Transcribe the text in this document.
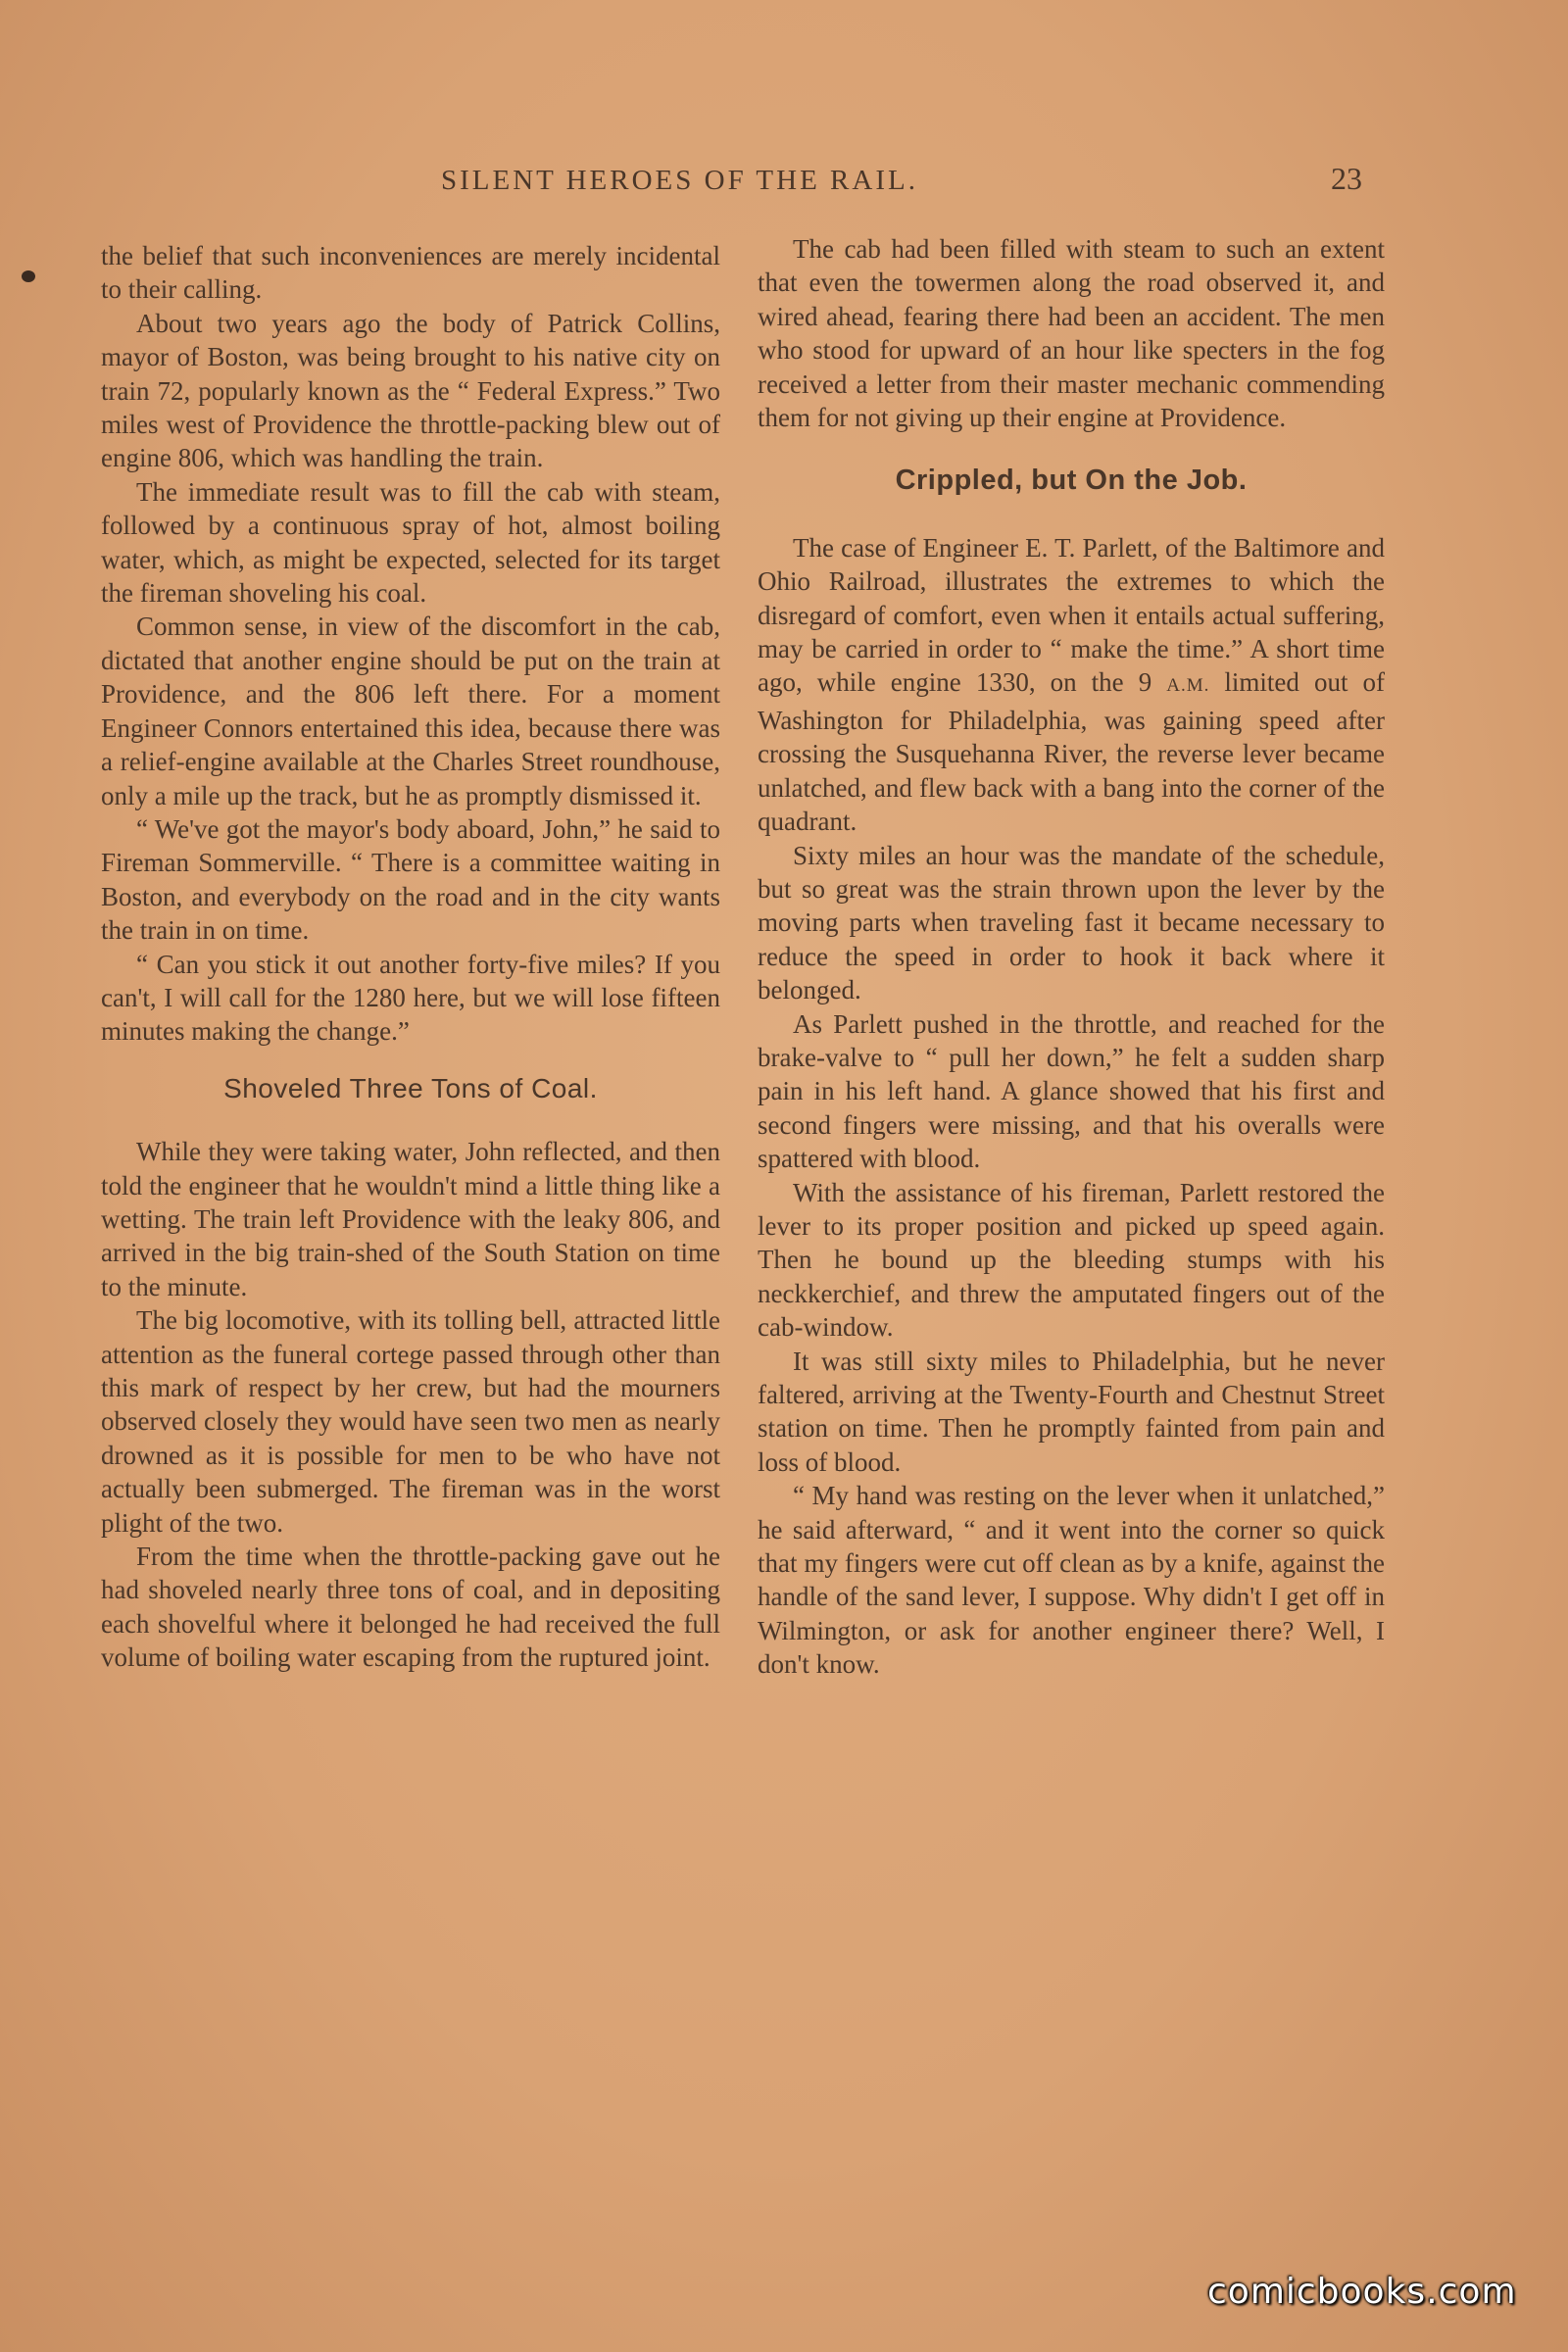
SILENT HEROES OF THE RAIL.	23

the belief that such inconveniences are merely incidental to their calling.

About two years ago the body of Patrick Collins, mayor of Boston, was being brought to his native city on train 72, popularly known as the “ Federal Express.” Two miles west of Providence the throttle-packing blew out of engine 806, which was handling the train.

The immediate result was to fill the cab with steam, followed by a continuous spray of hot, almost boiling water, which, as might be expected, selected for its target the fireman shoveling his coal.

Common sense, in view of the discomfort in the cab, dictated that another engine should be put on the train at Providence, and the 806 left there. For a moment Engineer Connors entertained this idea, because there was a relief-engine available at the Charles Street roundhouse, only a mile up the track, but he as promptly dismissed it.

“ We've got the mayor's body aboard, John,” he said to Fireman Sommerville. “ There is a committee waiting in Boston, and everybody on the road and in the city wants the train in on time.

“ Can you stick it out another forty-five miles? If you can't, I will call for the 1280 here, but we will lose fifteen minutes making the change.”

Shoveled Three Tons of Coal.

While they were taking water, John reflected, and then told the engineer that he wouldn't mind a little thing like a wetting. The train left Providence with the leaky 806, and arrived in the big train-shed of the South Station on time to the minute.

The big locomotive, with its tolling bell, attracted little attention as the funeral cortege passed through other than this mark of respect by her crew, but had the mourners observed closely they would have seen two men as nearly drowned as it is possible for men to be who have not actually been submerged. The fireman was in the worst plight of the two.

From the time when the throttle-packing gave out he had shoveled nearly three tons of coal, and in depositing each shovelful where it belonged he had received the full volume of boiling water escaping from the ruptured joint.

The cab had been filled with steam to such an extent that even the towermen along the road observed it, and wired ahead, fearing there had been an accident. The men who stood for upward of an hour like specters in the fog received a letter from their master mechanic commending them for not giving up their engine at Providence.

Crippled, but On the Job.

The case of Engineer E. T. Parlett, of the Baltimore and Ohio Railroad, illustrates the extremes to which the disregard of comfort, even when it entails actual suffering, may be carried in order to “ make the time.” A short time ago, while engine 1330, on the 9 A.M. limited out of Washington for Philadelphia, was gaining speed after crossing the Susquehanna River, the reverse lever became unlatched, and flew back with a bang into the corner of the quadrant.

Sixty miles an hour was the mandate of the schedule, but so great was the strain thrown upon the lever by the moving parts when traveling fast it became necessary to reduce the speed in order to hook it back where it belonged.

As Parlett pushed in the throttle, and reached for the brake-valve to “ pull her down,” he felt a sudden sharp pain in his left hand. A glance showed that his first and second fingers were missing, and that his overalls were spattered with blood.

With the assistance of his fireman, Parlett restored the lever to its proper position and picked up speed again. Then he bound up the bleeding stumps with his neckkerchief, and threw the amputated fingers out of the cab-window.

It was still sixty miles to Philadelphia, but he never faltered, arriving at the Twenty-Fourth and Chestnut Street station on time. Then he promptly fainted from pain and loss of blood.

“ My hand was resting on the lever when it unlatched,” he said afterward, “ and it went into the corner so quick that my fingers were cut off clean as by a knife, against the handle of the sand lever, I suppose. Why didn't I get off in Wilmington, or ask for another engineer there? Well, I don't know.

comicbooks.com
